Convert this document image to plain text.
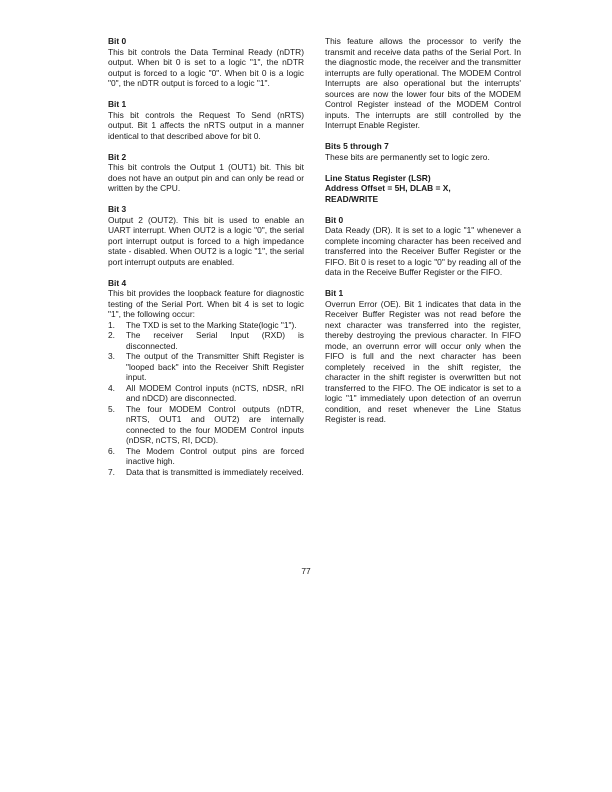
Bit 0

This bit controls the Data Terminal Ready (nDTR) output. When bit 0 is set to a logic "1", the nDTR output is forced to a logic "0". When bit 0 is a logic "0", the nDTR output is forced to a logic "1".

Bit 1

This bit controls the Request To Send (nRTS) output. Bit 1 affects the nRTS output in a manner identical to that described above for bit 0.

Bit 2

This bit controls the Output 1 (OUT1) bit. This bit does not have an output pin and can only be read or written by the CPU.

Bit 3

Output 2 (OUT2). This bit is used to enable an UART interrupt. When OUT2 is a logic "0", the serial port interrupt output is forced to a high impedance state - disabled. When OUT2 is a logic "1", the serial port interrupt outputs are enabled.

Bit 4

This bit provides the loopback feature for diagnostic testing of the Serial Port. When bit 4 is set to logic "1", the following occur:

1. The TXD is set to the Marking State(logic "1").
2. The receiver Serial Input (RXD) is disconnected.
3. The output of the Transmitter Shift Register is "looped back" into the Receiver Shift Register input.
4. All MODEM Control inputs (nCTS, nDSR, nRI and nDCD) are disconnected.
5. The four MODEM Control outputs (nDTR, nRTS, OUT1 and OUT2) are internally connected to the four MODEM Control inputs (nDSR, nCTS, RI, DCD).
6. The Modem Control output pins are forced inactive high.
7. Data that is transmitted is immediately received.

This feature allows the processor to verify the transmit and receive data paths of the Serial Port. In the diagnostic mode, the receiver and the transmitter interrupts are fully operational. The MODEM Control Interrupts are also operational but the interrupts' sources are now the lower four bits of the MODEM Control Register instead of the MODEM Control inputs. The interrupts are still controlled by the Interrupt Enable Register.

Bits 5 through 7

These bits are permanently set to logic zero.

Line Status Register (LSR)

Address Offset = 5H, DLAB = X,

READ/WRITE

Bit 0

Data Ready (DR). It is set to a logic "1" whenever a complete incoming character has been received and transferred into the Receiver Buffer Register or the FIFO. Bit 0 is reset to a logic "0" by reading all of the data in the Receive Buffer Register or the FIFO.

Bit 1

Overrun Error (OE). Bit 1 indicates that data in the Receiver Buffer Register was not read before the next character was transferred into the register, thereby destroying the previous character. In FIFO mode, an overrunn error will occur only when the FIFO is full and the next character has been completely received in the shift register, the character in the shift register is overwritten but not transferred to the FIFO. The OE indicator is set to a logic "1" immediately upon detection of an overrun condition, and reset whenever the Line Status Register is read.

77
